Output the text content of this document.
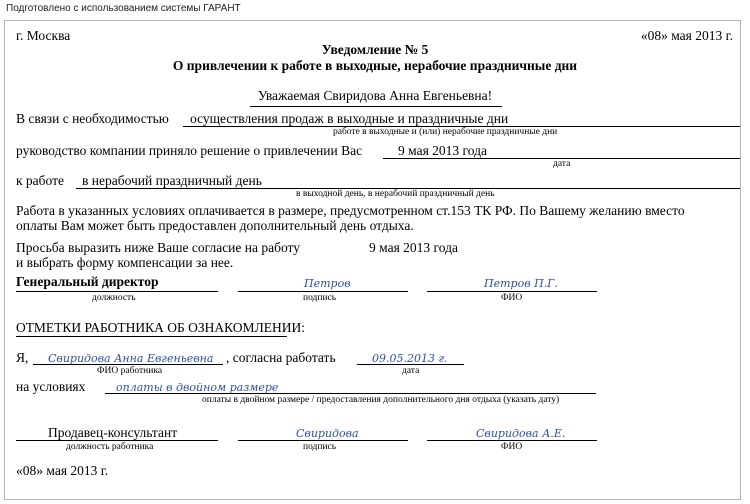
Подготовлено с использованием системы ГАРАНТ
г. Москва	«08» мая 2013 г.
Уведомление № 5
О привлечении к работе в выходные, нерабочие праздничные дни
Уважаемая Свиридова Анна Евгеньевна!
В связи с необходимостью осуществления продаж в выходные и праздничные дни
работе в выходные и (или) нерабочие праздничные дни
руководство компании приняло решение о привлечении Вас	9 мая 2013 года
дата
к работе в нерабочий праздничный день
в выходной день, в нерабочий праздничный день
Работа в указанных условиях оплачивается в размере, предусмотренном ст.153 ТК РФ. По Вашему желанию вместо
оплаты Вам может быть предоставлен дополнительный день отдыха.
Просьба выразить ниже Ваше согласие на работу	9 мая 2013 года
и выбрать форму компенсации за нее.
Генеральный директор	Петров	Петров П.Г.
должность	подпись	ФИО
ОТМЕТКИ РАБОТНИКА ОБ ОЗНАКОМЛЕНИИ:
Я, Свиридова Анна Евгеньевна , согласна работать	09.05.2013 г.
ФИО работника	дата
на условиях	оплаты в двойном размере
оплаты в двойном размере / предоставления дополнительного дня отдыха (указать дату)
Продавец-консультант	Свиридова	Свиридова А.Е.
должность работника	подпись	ФИО
«08» мая 2013 г.
